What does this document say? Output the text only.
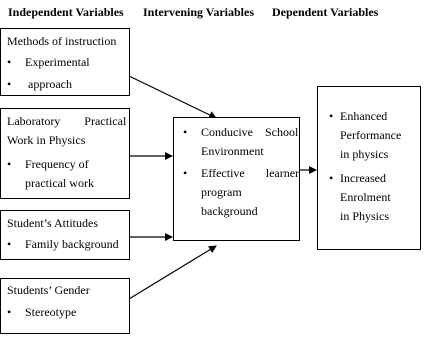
Independent Variables Intervening Variables Dependent Variables
Methods of instruction
• Experimental
• approach
Laboratory        Practical
Work in Physics
• Frequency of
practical work
Student’s Attitudes
• Family background
Students’ Gender
• Stereotype
• Conducive    School
Environment
• Effective       learner
program
background
• Enhanced
Performance
in physics
• Increased
Enrolment
in Physics
